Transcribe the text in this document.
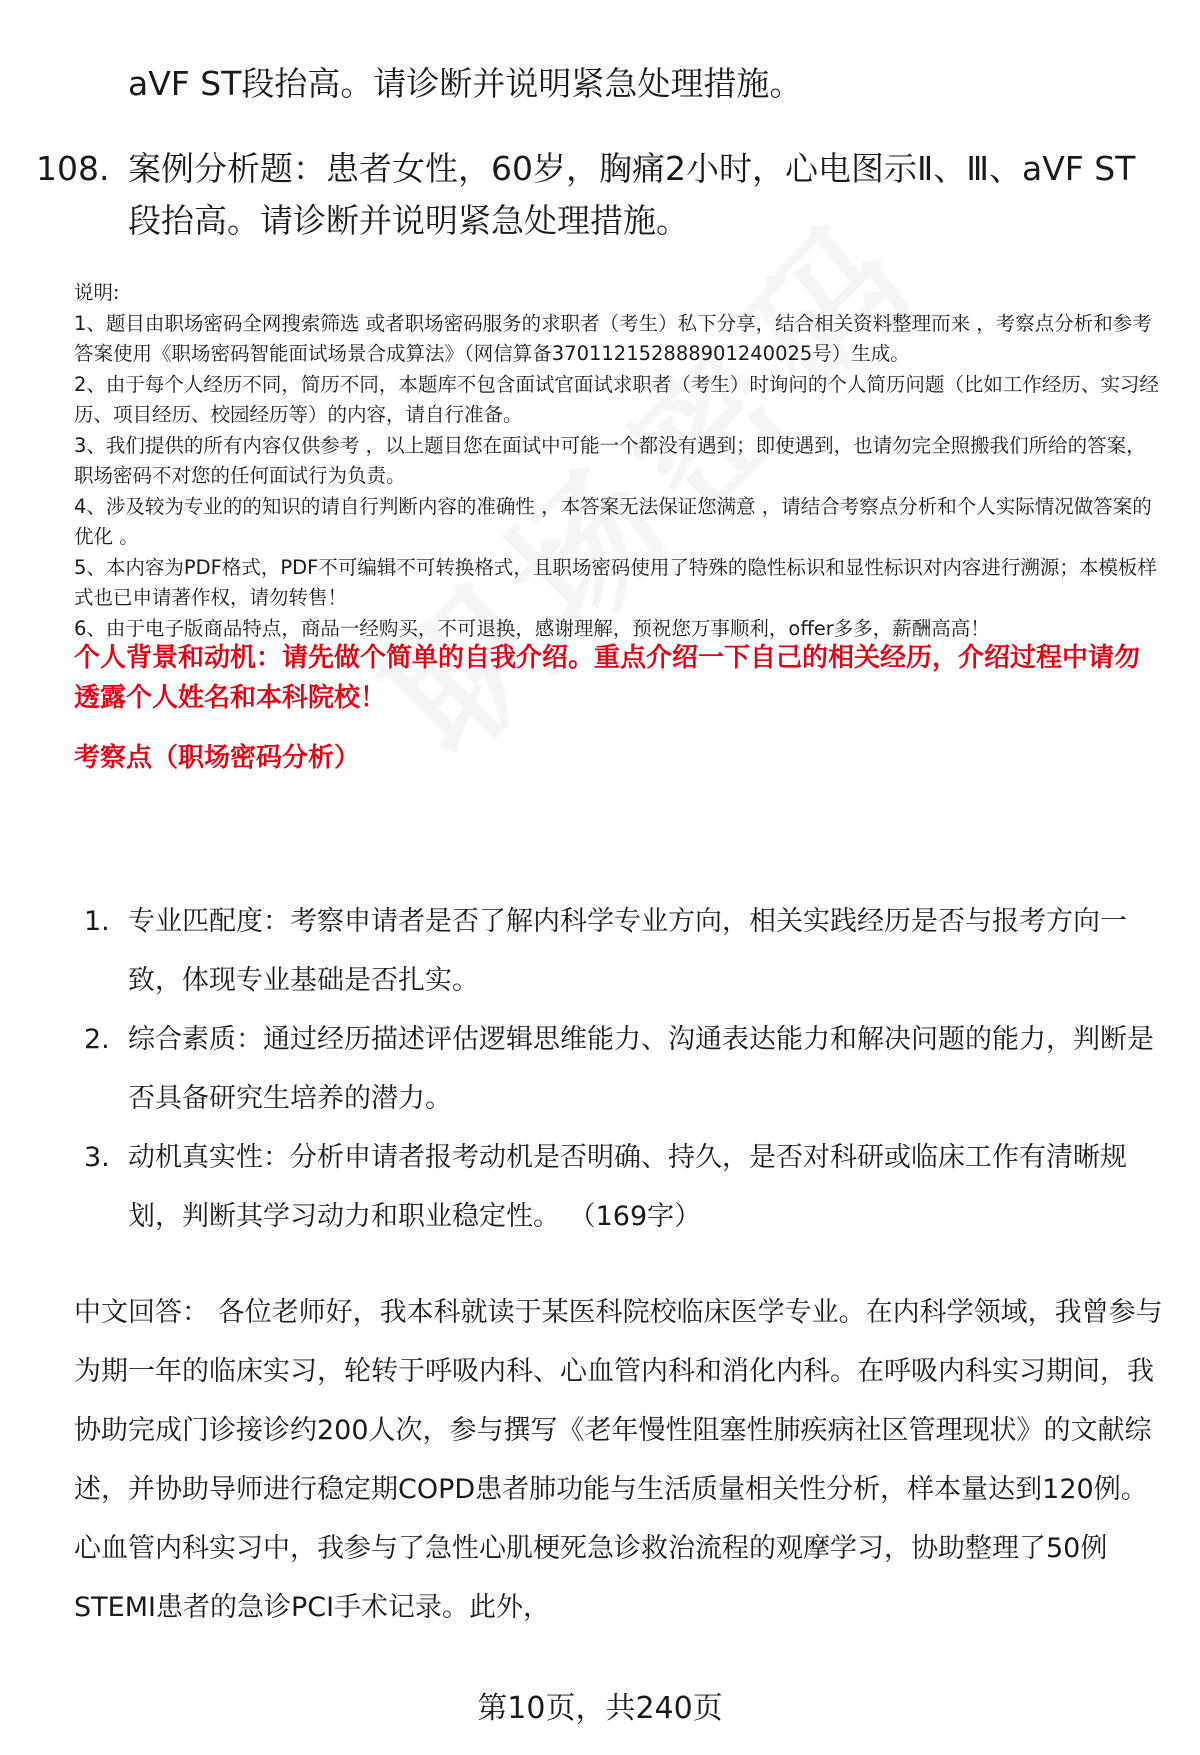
aVF ST段抬高。请诊断并说明紧急处理措施。
108. 案例分析题：患者女性，60岁，胸痛2小时，心电图示Ⅱ、Ⅲ、aVF ST段抬高。请诊断并说明紧急处理措施。

说明:

1、题目由职场密码全网搜索筛选 或者职场密码服务的求职者（考生）私下分享，结合相关资料整理而来 ，考察点分析和参考答案使用《职场密码智能面试场景合成算法》（网信算备370112152888901240025号）生成。

2、由于每个人经历不同，简历不同，本题库不包含面试官面试求职者（考生）时询问的个人简历问题（比如工作经历、实习经历、项目经历、校园经历等）的内容，请自行准备。

3、我们提供的所有内容仅供参考 ，以上题目您在面试中可能一个都没有遇到；即使遇到，也请勿完全照搬我们所给的答案，职场密码不对您的任何面试行为负责。

4、涉及较为专业的的知识的请自行判断内容的准确性 ，本答案无法保证您满意 ，请结合考察点分析和个人实际情况做答案的优化 。

5、本内容为PDF格式，PDF不可编辑不可转换格式，且职场密码使用了特殊的隐性标识和显性标识对内容进行溯源；本模板样式也已申请著作权，请勿转售！

6、由于电子版商品特点，商品一经购买，不可退换，感谢理解，预祝您万事顺利，offer多多，薪酬高高！

个人背景和动机：请先做个简单的自我介绍。重点介绍一下自己的相关经历，介绍过程中请勿透露个人姓名和本科院校！
考察点（职场密码分析）
1. 专业匹配度：考察申请者是否了解内科学专业方向，相关实践经历是否与报考方向一致，体现专业基础是否扎实。
2. 综合素质：通过经历描述评估逻辑思维能力、沟通表达能力和解决问题的能力，判断是否具备研究生培养的潜力。
3. 动机真实性：分析申请者报考动机是否明确、持久，是否对科研或临床工作有清晰规划，判断其学习动力和职业稳定性。 （169字）
中文回答： 各位老师好，我本科就读于某医科院校临床医学专业。在内科学领域，我曾参与为期一年的临床实习，轮转于呼吸内科、心血管内科和消化内科。在呼吸内科实习期间，我协助完成门诊接诊约200人次，参与撰写《老年慢性阻塞性肺疾病社区管理现状》的文献综述，并协助导师进行稳定期COPD患者肺功能与生活质量相关性分析，样本量达到120例。心血管内科实习中，我参与了急性心肌梗死急诊救治流程的观摩学习，协助整理了50例STEMI患者的急诊PCI手术记录。此外，
第10页，共240页
